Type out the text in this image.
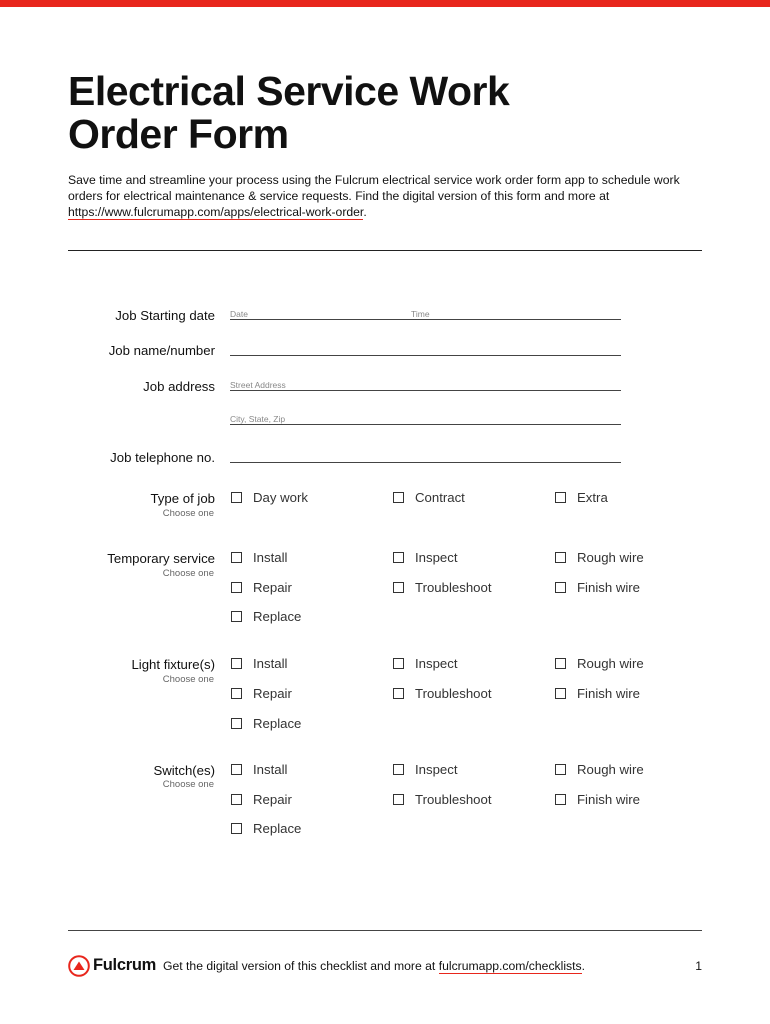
Electrical Service Work
Order Form
Save time and streamline your process using the Fulcrum electrical service work order form app to schedule work orders for electrical maintenance & service requests. Find the digital version of this form and more at https://www.fulcrumapp.com/apps/electrical-work-order.
Job Starting date Date	Time
Job name/number
Job address Street Address
City, State, Zip
Job telephone no.
Type of job
Choose one
Day work	Contract	Extra
Temporary service
Choose one
Install	Inspect	Rough wire
Repair	Troubleshoot	Finish wire
Replace
Light fixture(s)
Choose one
Install	Inspect	Rough wire
Repair	Troubleshoot	Finish wire
Replace
Switch(es)
Choose one
Install	Inspect	Rough wire
Repair	Troubleshoot	Finish wire
Replace
Fulcrum Get the digital version of this checklist and more at fulcrumapp.com/checklists.	1
